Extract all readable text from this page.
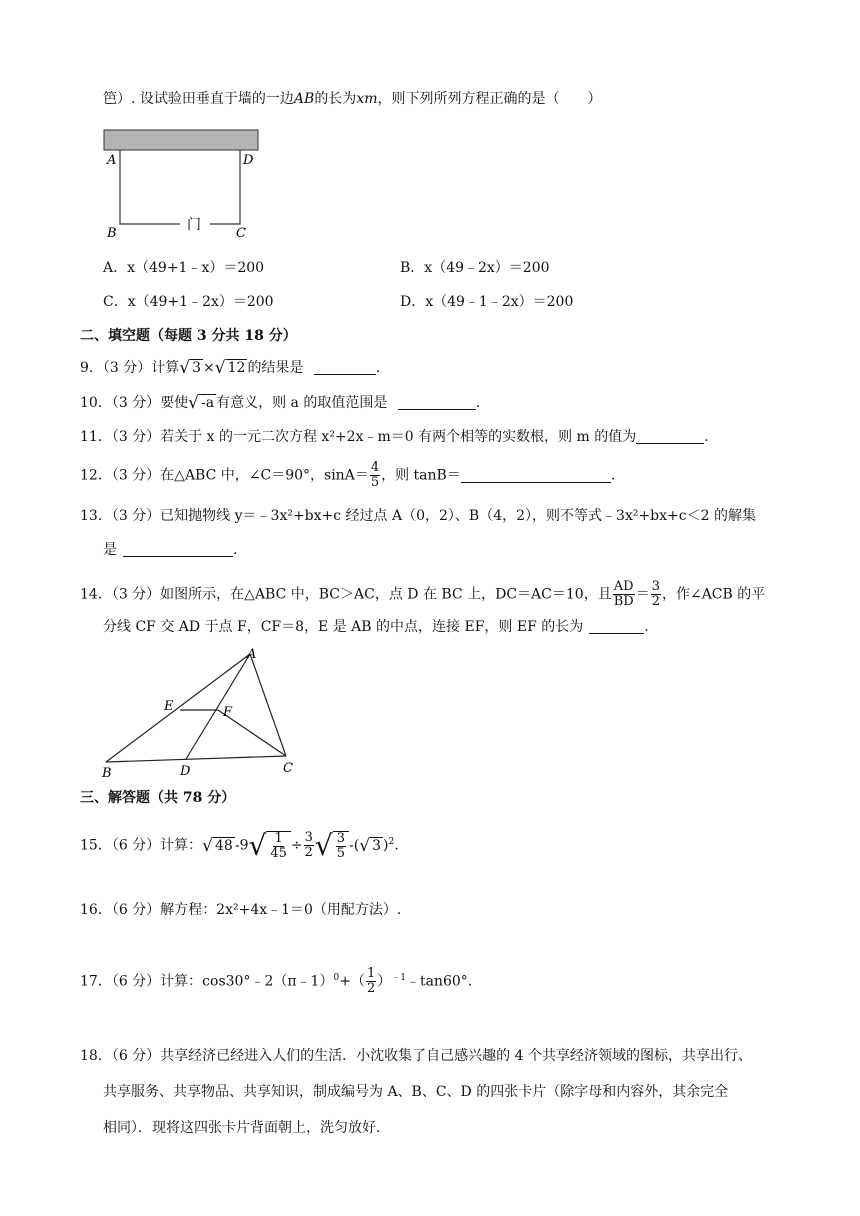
笆）. 设试验田垂直于墙的一边AB的长为xm，则下列所列方程正确的是（　　）
A	D
B	C
门
A．x（49+1﹣x）＝200	B．x（49﹣2x）＝200
C．x（49+1﹣2x）＝200	D．x（49﹣1﹣2x）＝200
二、填空题（每题 3 分共 18 分）
9．（3 分）计算 √ 3 × √ 12 的结果是	.
10．（3 分）要使 √ -a 有意义，则 a 的取值范围是	.
11．（3 分）若关于 x 的一元二次方程 x²+2x﹣m＝0 有两个相等的实数根，则 m 的值为	.
12．（3 分）在△ABC 中，∠C＝90°，$\sin A= \frac{4}{5}$ ，则 tanB＝	.
13．（3 分）已知抛物线 y＝﹣3x²+bx+c 经过点 A（0，2）、B（4，2），则不等式﹣3x²+bx+c＜2 的解集
是	.
14．（3 分）如图所示，在△ABC 中，BC＞AC，点 D 在 BC 上，DC＝AC＝10，且 $\frac{AD}{BD} = \frac{3}{2}$ ，作∠ACB 的平
分线 CF 交 AD 于点 F，CF＝8，E 是 AB 的中点，连接 EF，则 EF 的长为	.
A
E	F
B	D	C
三、解答题（共 78 分）
15．（6 分）计算： √ 48 -9 √ $\frac{1}{45} \div \frac{3}{2}$ √ $\frac{3}{5}$ -( √ 3 )$^2$.
16．（6 分）解方程：2x²+4x﹣1＝0（用配方法）.
17．（6 分）计算：cos30°﹣2（π﹣1）$^0$+（ $\frac{1}{2}$ ）$^{﹣1}$﹣tan60°.
18．（6 分）共享经济已经进入人们的生活．小沈收集了自己感兴趣的 4 个共享经济领域的图标，共享出行、
共享服务、共享物品、共享知识，制成编号为 A、B、C、D 的四张卡片（除字母和内容外，其余完全
相同）．现将这四张卡片背面朝上，洗匀放好．
